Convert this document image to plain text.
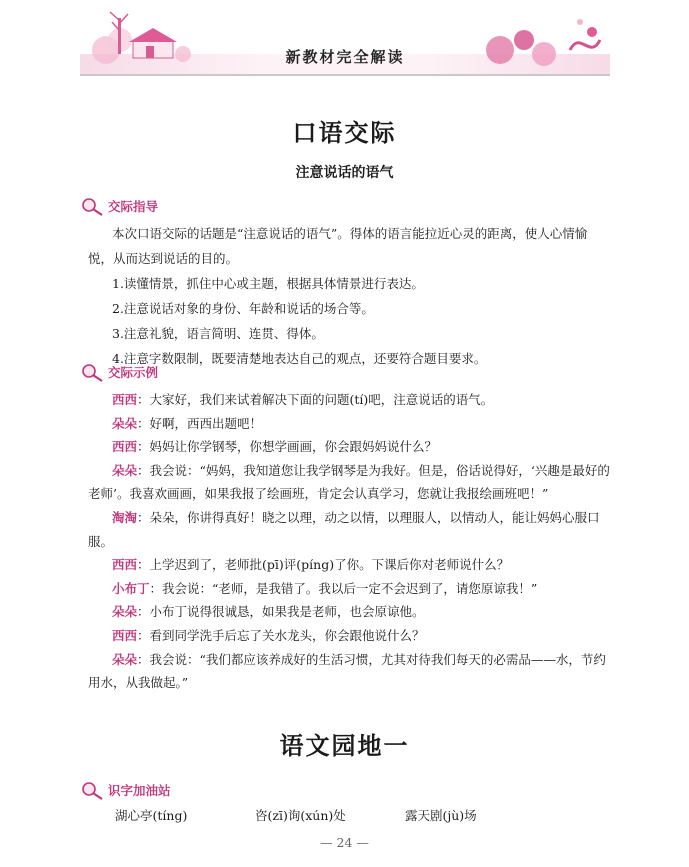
新教材完全解读
口语交际
注意说话的语气
交际指导

本次口语交际的话题是“注意说话的语气”。得体的语言能拉近心灵的距离，使人心情愉悦，从而达到说话的目的。

1.读懂情景，抓住中心或主题，根据具体情景进行表达。

2.注意说话对象的身份、年龄和说话的场合等。

3.注意礼貌，语言简明、连贯、得体。

4.注意字数限制，既要清楚地表达自己的观点，还要符合题目要求。

交际示例

西西：大家好，我们来试着解决下面的问题(tí)吧，注意说话的语气。

朵朵：好啊，西西出题吧！

西西：妈妈让你学钢琴，你想学画画，你会跟妈妈说什么？

朵朵：我会说：“妈妈，我知道您让我学钢琴是为我好。但是，俗话说得好，‘兴趣是最好的老师’。我喜欢画画，如果我报了绘画班，肯定会认真学习，您就让我报绘画班吧！”

淘淘：朵朵，你讲得真好！晓之以理，动之以情，以理服人，以情动人，能让妈妈心服口服。

西西：上学迟到了，老师批(pī)评(píng)了你。下课后你对老师说什么？

小布丁：我会说：“老师，是我错了。我以后一定不会迟到了，请您原谅我！”

朵朵：小布丁说得很诚恳，如果我是老师，也会原谅他。

西西：看到同学洗手后忘了关水龙头，你会跟他说什么？

朵朵：我会说：“我们都应该养成好的生活习惯，尤其对待我们每天的必需品——水，节约用水，从我做起。”

语文园地一
识字加油站
湖心亭(tíng)	咨(zī)询(xún)处	露天剧(jù)场
— 24 —
